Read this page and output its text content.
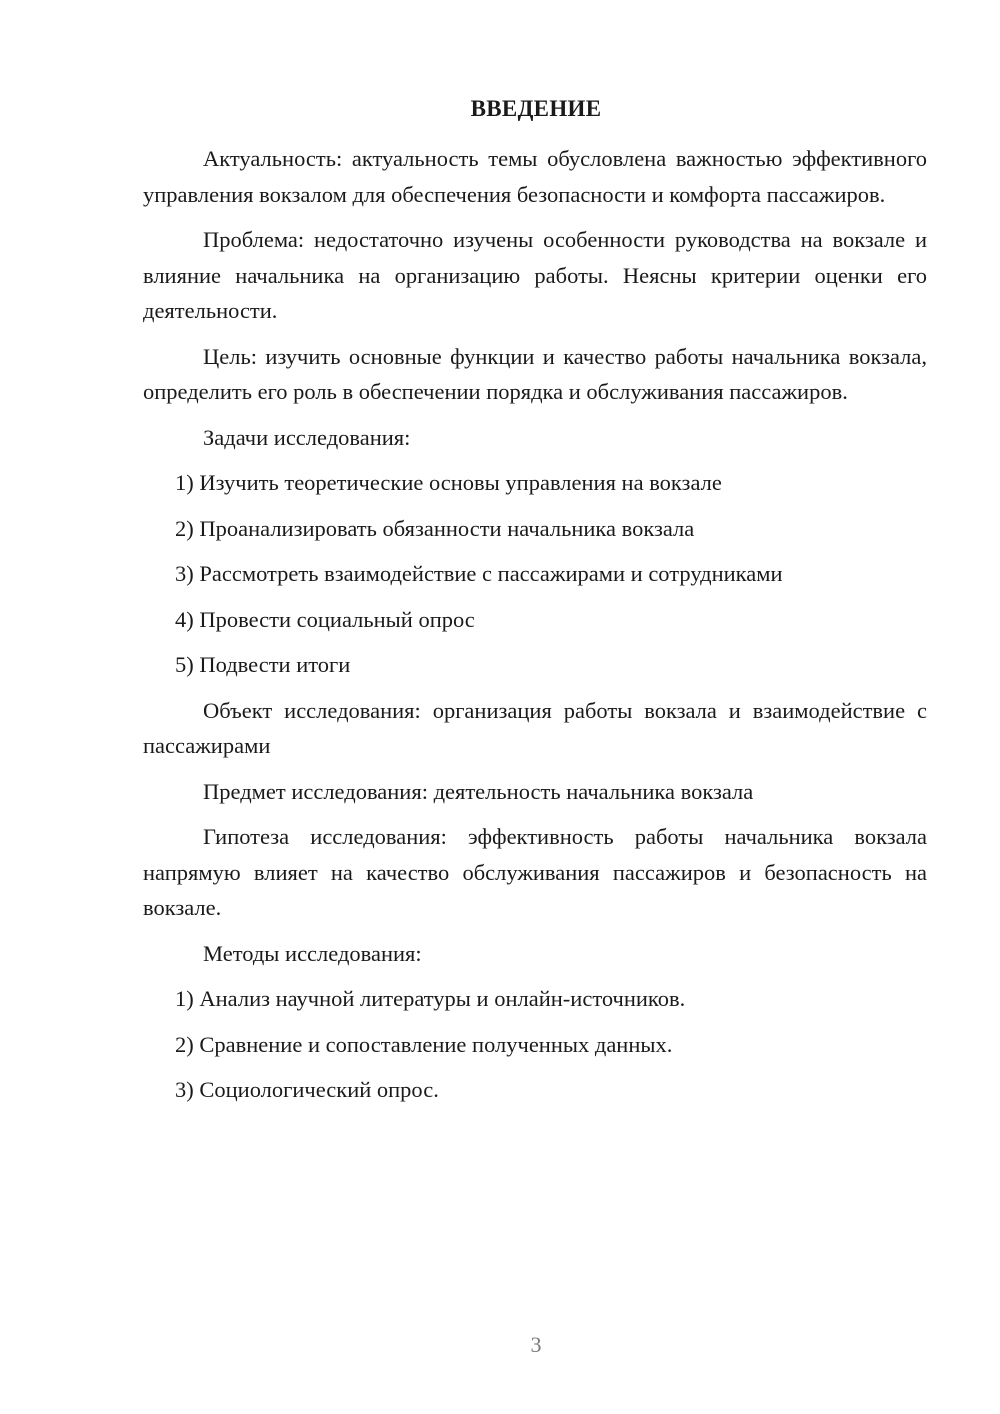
ВВЕДЕНИЕ

Актуальность: актуальность темы обусловлена важностью эффективного управления вокзалом для обеспечения безопасности и комфорта пассажиров.

Проблема: недостаточно изучены особенности руководства на вокзале и влияние начальника на организацию работы. Неясны критерии оценки его деятельности.

Цель: изучить основные функции и качество работы начальника вокзала, определить его роль в обеспечении порядка и обслуживания пассажиров.

Задачи исследования:

1) Изучить теоретические основы управления на вокзале

2) Проанализировать обязанности начальника вокзала

3) Рассмотреть взаимодействие с пассажирами и сотрудниками

4) Провести социальный опрос

5) Подвести итоги

Объект исследования: организация работы вокзала и взаимодействие с пассажирами

Предмет исследования: деятельность начальника вокзала

Гипотеза исследования: эффективность работы начальника вокзала напрямую влияет на качество обслуживания пассажиров и безопасность на вокзале.

Методы исследования:

1) Анализ научной литературы и онлайн-источников.

2) Сравнение и сопоставление полученных данных.

3) Социологический опрос.

3
